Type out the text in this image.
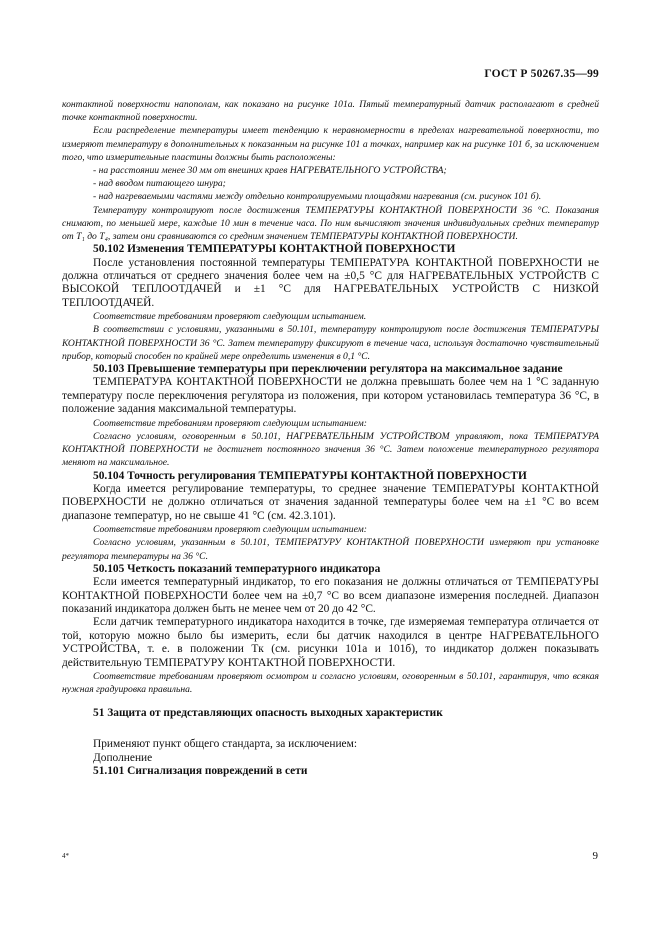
ГОСТ Р 50267.35—99

контактной поверхности напополам, как показано на рисунке 101а. Пятый температурный датчик располагают в средней точке контактной поверхности.

Если распределение температуры имеет тенденцию к неравномерности в пределах нагревательной поверхности, то измеряют температуру в дополнительных к показанным на рисунке 101 а точках, например как на рисунке 101 б, за исключением того, что измерительные пластины должны быть расположены:

- на расстоянии менее 30 мм от внешних краев НАГРЕВАТЕЛЬНОГО УСТРОЙСТВА;

- над вводом питающего шнура;

- над нагреваемыми частями между отдельно контролируемыми площадями нагревания (см. рисунок 101 б).

Температуру контролируют после достижения ТЕМПЕРАТУРЫ КОНТАКТНОЙ ПОВЕРХНОСТИ 36 °С. Показания снимают, по меньшей мере, каждые 10 мин в течение часа. По ним вычисляют значения индивидуальных средних температур от T₁ до T₄, затем они сравниваются со средним значением ТЕМПЕРАТУРЫ КОНТАКТНОЙ ПОВЕРХНОСТИ.

50.102 Изменения ТЕМПЕРАТУРЫ КОНТАКТНОЙ ПОВЕРХНОСТИ

После установления постоянной температуры ТЕМПЕРАТУРА КОНТАКТНОЙ ПОВЕРХНОСТИ не должна отличаться от среднего значения более чем на ±0,5 °С для НАГРЕВАТЕЛЬНЫХ УСТРОЙСТВ С ВЫСОКОЙ ТЕПЛООТДАЧЕЙ и ±1 °С для НАГРЕВАТЕЛЬНЫХ УСТРОЙСТВ С НИЗКОЙ ТЕПЛООТДАЧЕЙ.

Соответствие требованиям проверяют следующим испытанием.

В соответствии с условиями, указанными в 50.101, температуру контролируют после достижения ТЕМПЕРАТУРЫ КОНТАКТНОЙ ПОВЕРХНОСТИ 36 °С. Затем температуру фиксируют в течение часа, используя достаточно чувствительный прибор, который способен по крайней мере определить изменения в 0,1 °С.

50.103 Превышение температуры при переключении регулятора на максимальное задание

ТЕМПЕРАТУРА КОНТАКТНОЙ ПОВЕРХНОСТИ не должна превышать более чем на 1 °С заданную температуру после переключения регулятора из положения, при котором установилась температура 36 °С, в положение задания максимальной температуры.

Соответствие требованиям проверяют следующим испытанием:

Согласно условиям, оговоренным в 50.101, НАГРЕВАТЕЛЬНЫМ УСТРОЙСТВОМ управляют, пока ТЕМПЕРАТУРА КОНТАКТНОЙ ПОВЕРХНОСТИ не достигнет постоянного значения 36 °С. Затем положение температурного регулятора меняют на максимальное.

50.104 Точность регулирования ТЕМПЕРАТУРЫ КОНТАКТНОЙ ПОВЕРХНОСТИ

Когда имеется регулирование температуры, то среднее значение ТЕМПЕРАТУРЫ КОНТАКТНОЙ ПОВЕРХНОСТИ не должно отличаться от значения заданной температуры более чем на ±1 °С во всем диапазоне температур, но не свыше 41 °С (см. 42.3.101).

Соответствие требованиям проверяют следующим испытанием:

Согласно условиям, указанным в 50.101, ТЕМПЕРАТУРУ КОНТАКТНОЙ ПОВЕРХНОСТИ измеряют при установке регулятора температуры на 36 °С.

50.105 Четкость показаний температурного индикатора

Если имеется температурный индикатор, то его показания не должны отличаться от ТЕМПЕРАТУРЫ КОНТАКТНОЙ ПОВЕРХНОСТИ более чем на ±0,7 °С во всем диапазоне измерения последней. Диапазон показаний индикатора должен быть не менее чем от 20 до 42 °С.

Если датчик температурного индикатора находится в точке, где измеряемая температура отличается от той, которую можно было бы измерить, если бы датчик находился в центре НАГРЕВАТЕЛЬНОГО УСТРОЙСТВА, т. е. в положении Tк (см. рисунки 101а и 101б), то индикатор должен показывать действительную ТЕМПЕРАТУРУ КОНТАКТНОЙ ПОВЕРХНОСТИ.

Соответствие требованиям проверяют осмотром и согласно условиям, оговоренным в 50.101, гарантируя, что всякая нужная градуировка правильна.

51 Защита от представляющих опасность выходных характеристик

Применяют пункт общего стандарта, за исключением:

Дополнение

51.101 Сигнализация повреждений в сети

4*	9
